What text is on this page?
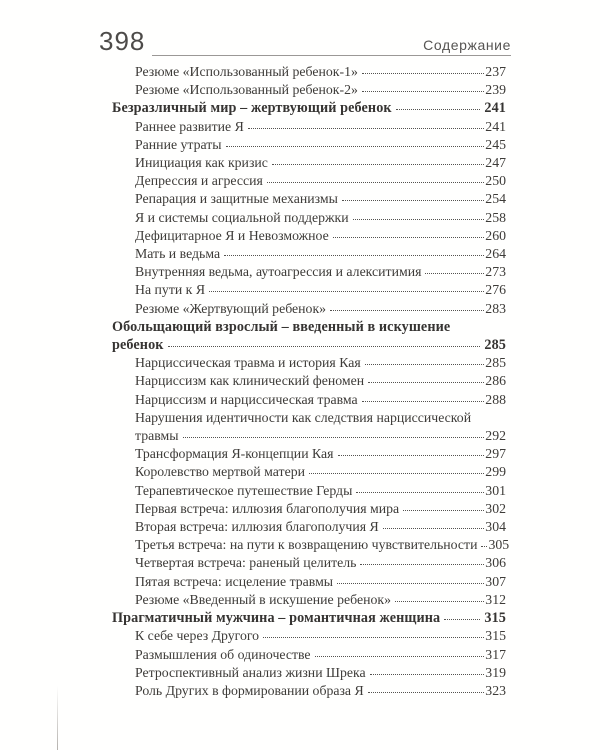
398	Содержание
Резюме «Использованный ребенок-1»	237
Резюме «Использованный ребенок-2»	239
Безразличный мир – жертвующий ребенок	241
Раннее развитие Я	241
Ранние утраты	245
Инициация как кризис	247
Депрессия и агрессия	250
Репарация и защитные механизмы	254
Я и системы социальной поддержки	258
Дефицитарное Я и Невозможное	260
Мать и ведьма	264
Внутренняя ведьма, аутоагрессия и алекситимия	273
На пути к Я	276
Резюме «Жертвующий ребенок»	283
Обольщающий взрослый – введенный в искушение
ребенок	285
Нарциссическая травма и история Кая	285
Нарциссизм как клинический феномен	286
Нарциссизм и нарциссическая травма	288
Нарушения идентичности как следствия нарциссической
травмы	292
Трансформация Я-концепции Кая	297
Королевство мертвой матери	299
Терапевтическое путешествие Герды	301
Первая встреча: иллюзия благополучия мира	302
Вторая встреча: иллюзия благополучия Я	304
Третья встреча: на пути к возвращению чувствительности 305
Четвертая встреча: раненый целитель	306
Пятая встреча: исцеление травмы	307
Резюме «Введенный в искушение ребенок»	312
Прагматичный мужчина – романтичная женщина	315
К себе через Другого	315
Размышления об одиночестве	317
Ретроспективный анализ жизни Шрека	319
Роль Других в формировании образа Я	323
